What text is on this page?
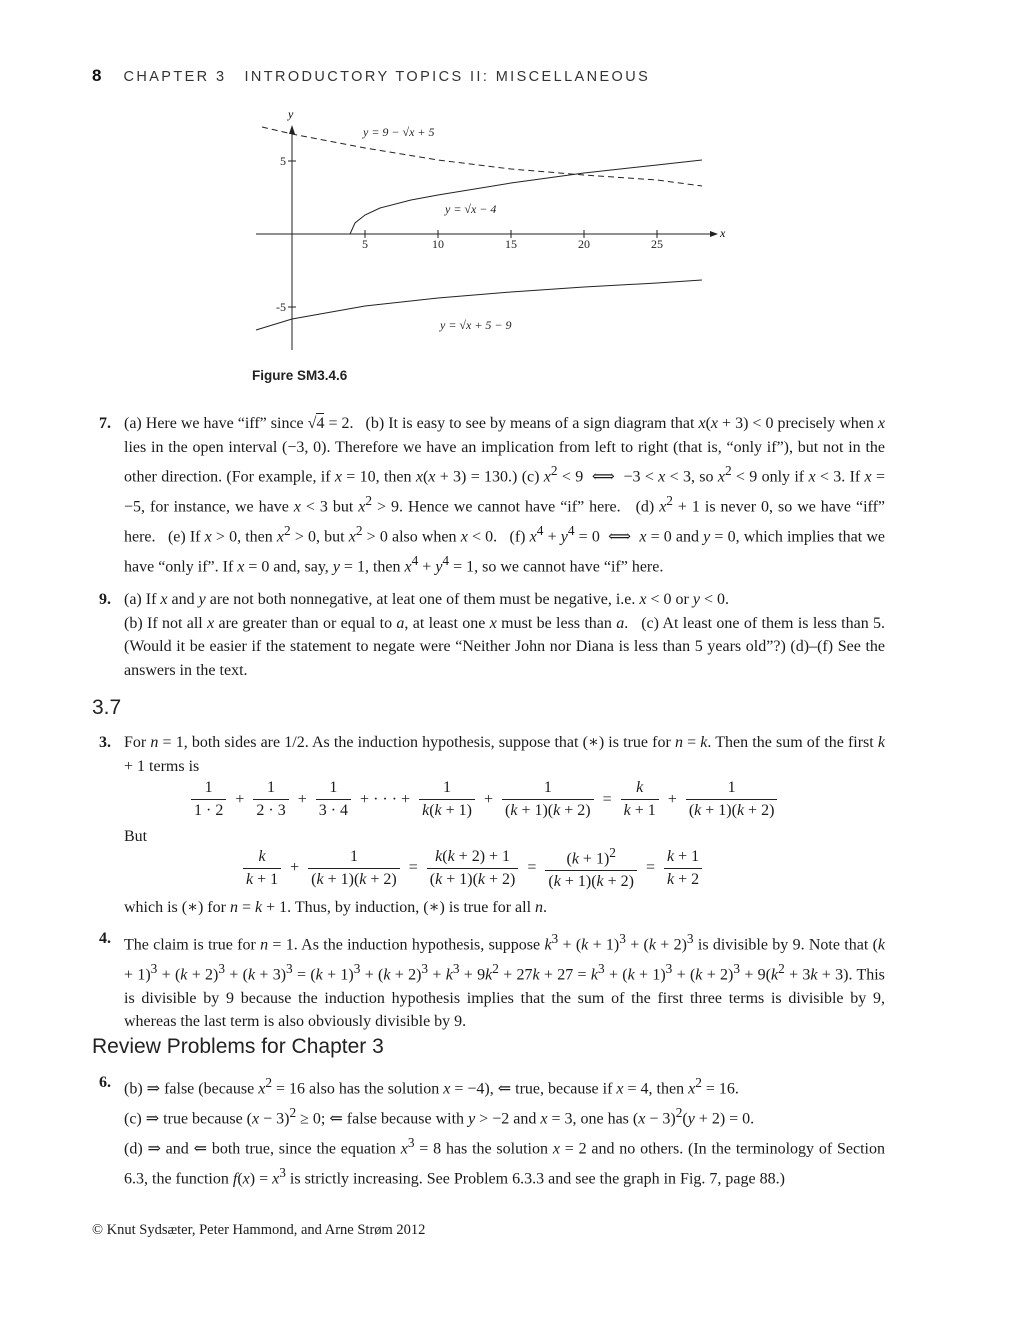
8 CHAPTER 3 INTRODUCTORY TOPICS II: MISCELLANEOUS
x
y
5	10	15	20	25
5
-5
y = 9 − √x + 5
y = √x − 4
y = √x + 5 − 9
Figure SM3.4.6
7. (a) Here we have “iff” since √4 = 2.   (b) It is easy to see by means of a sign diagram that x(x + 3) < 0 precisely when x lies in the open interval (−3, 0). Therefore we have an implication from left to right (that is, “only if”), but not in the other direction. (For example, if x = 10, then x(x + 3) = 130.) (c) $x^2 < 9$  ⟺  −3 < x < 3, so $x^2 < 9$ only if x < 3. If x = −5, for instance, we have x < 3 but $x^2 > 9$. Hence we cannot have “if” here.   (d) $x^2 + 1$ is never 0, so we have “iff” here.   (e) If x > 0, then $x^2 > 0$, but $x^2 > 0$ also when x < 0.   (f) $x^4 + y^4 = 0$  ⟺  x = 0 and y = 0, which implies that we have “only if”. If x = 0 and, say, y = 1, then $x^4 + y^4 = 1$, so we cannot have “if” here.
9. (a) If x and y are not both nonnegative, at leat one of them must be negative, i.e. x < 0 or y < 0.
(b) If not all x are greater than or equal to a, at least one x must be less than a.   (c) At least one of them is less than 5. (Would it be easier if the statement to negate were “Neither John nor Diana is less than 5 years old”?) (d)–(f) See the answers in the text.
3.7
3. For n = 1, both sides are 1/2. As the induction hypothesis, suppose that (∗) is true for n = k. Then the sum of the first k + 1 terms is
$\frac{1}{1 \cdot 2} + \frac{1}{2 \cdot 3} + \frac{1}{3 \cdot 4}$ + · · · + $\frac{1}{k(k + 1)} + \frac{1}{(k + 1)(k + 2)} = \frac{k}{k + 1} + \frac{1}{(k + 1)(k + 2)}$
But
$\frac{k}{k + 1} + \frac{1}{(k + 1)(k + 2)} = \frac{k(k + 2) + 1}{(k + 1)(k + 2)} = \frac{(k + 1)^2}{(k + 1)(k + 2)} = \frac{k + 1}{k + 2}$
which is (∗) for n = k + 1. Thus, by induction, (∗) is true for all n.
4. The claim is true for n = 1. As the induction hypothesis, suppose $k^3 + (k + 1)^3 + (k + 2)^3$ is divisible by 9. Note that $(k + 1)^3 + (k + 2)^3 + (k + 3)^3 = (k + 1)^3 + (k + 2)^3 + k^3 + 9k^2 + 27k + 27 = k^3 + (k + 1)^3 + (k + 2)^3 + 9(k^2 + 3k + 3)$. This is divisible by 9 because the induction hypothesis implies that the sum of the first three terms is divisible by 9, whereas the last term is also obviously divisible by 9.
Review Problems for Chapter 3
6. (b) ⇒ false (because $x^2 = 16$ also has the solution x = −4), ⇐ true, because if x = 4, then $x^2 = 16$.
(c) ⇒ true because $(x - 3)^2 \ge 0$; ⇐ false because with y > −2 and x = 3, one has $(x - 3)^2(y + 2) = 0$.
(d) ⇒ and ⇐ both true, since the equation $x^3 = 8$ has the solution x = 2 and no others. (In the terminology of Section 6.3, the function $f(x) = x^3$ is strictly increasing. See Problem 6.3.3 and see the graph in Fig. 7, page 88.)
© Knut Sydsæter, Peter Hammond, and Arne Strøm 2012
